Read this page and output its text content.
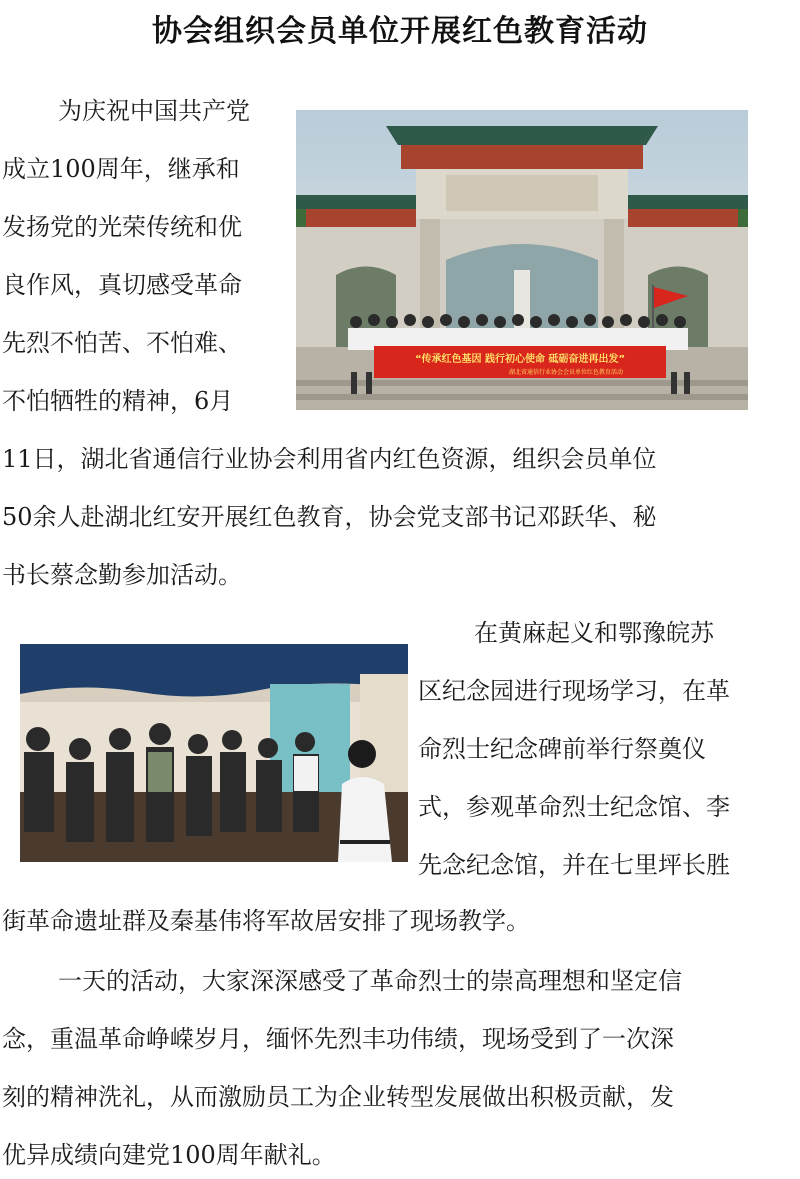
协会组织会员单位开展红色教育活动
为庆祝中国共产党
成立100周年，继承和
发扬党的光荣传统和优
良作风，真切感受革命
先烈不怕苦、不怕难、
不怕牺牲的精神，6月
11日，湖北省通信行业协会利用省内红色资源，组织会员单位
50余人赴湖北红安开展红色教育，协会党支部书记邓跃华、秘
书长蔡念勤参加活动。
“传承红色基因 践行初心使命 砥砺奋进再出发”
湖北省通信行业协会会员单位红色教育活动
在黄麻起义和鄂豫皖苏
区纪念园进行现场学习，在革
命烈士纪念碑前举行祭奠仪
式，参观革命烈士纪念馆、李
先念纪念馆，并在七里坪长胜
街革命遗址群及秦基伟将军故居安排了现场教学。
一天的活动，大家深深感受了革命烈士的崇高理想和坚定信
念，重温革命峥嵘岁月，缅怀先烈丰功伟绩，现场受到了一次深
刻的精神洗礼，从而激励员工为企业转型发展做出积极贡献，发
优异成绩向建党100周年献礼。
